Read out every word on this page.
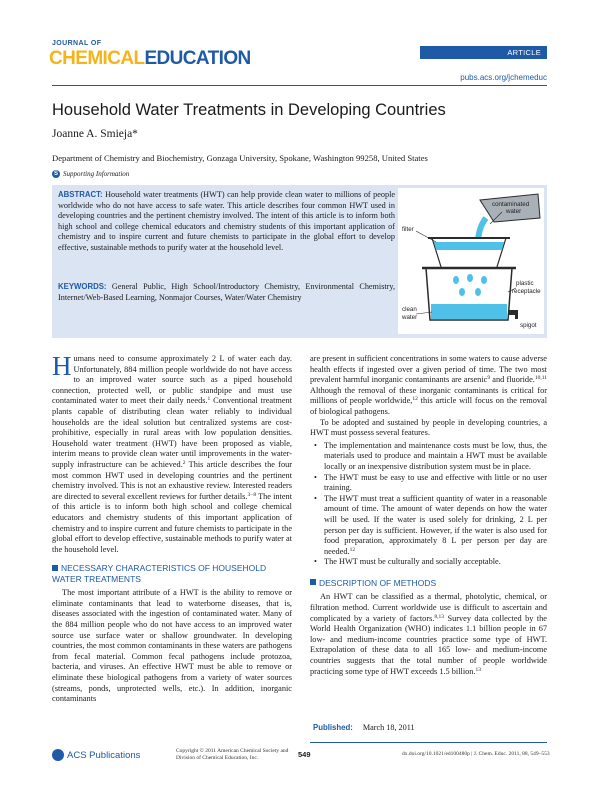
JOURNAL OF
CHEMICALEDUCATION	ARTICLE
pubs.acs.org/jchemeduc
Household Water Treatments in Developing Countries
Joanne A. Smieja*
Department of Chemistry and Biochemistry, Gonzaga University, Spokane, Washington 99258, United States
S Supporting Information
ABSTRACT: Household water treatments (HWT) can help provide clean water to millions of people worldwide who do not have access to safe water. This article describes four common HWT used in developing countries and the pertinent chemistry involved. The intent of this article is to inform both high school and college chemical educators and chemistry students of this important application of chemistry and to inspire current and future chemists to participate in the global effort to develop effective, sustainable methods to purify water at the household level.
KEYWORDS: General Public, High School/Introductory Chemistry, Environmental Chemistry, Internet/Web-Based Learning, Nonmajor Courses, Water/Water Chemistry
contaminated
water
filter
plastic
receptacle
clean
water
spigot

Humans need to consume approximately 2 L of water each day. Unfortunately, 884 million people worldwide do not have access to an improved water source such as a piped household connection, protected well, or public standpipe and must use contaminated water to meet their daily needs.$^1$ Conventional treatment plants capable of distributing clean water reliably to individual households are the ideal solution but centralized systems are cost-prohibitive, especially in rural areas with low population densities. Household water treatment (HWT) have been proposed as viable, interim means to provide clean water until improvements in the water-supply infrastructure can be achieved.$^2$ This article describes the four most common HWT used in developing countries and the pertinent chemistry involved. This is not an exhaustive review. Interested readers are directed to several excellent reviews for further details.$^{3-8}$ The intent of this article is to inform both high school and college chemical educators and chemistry students of this important application of chemistry and to inspire current and future chemists to participate in the global effort to develop effective, sustainable methods to purify water at the household level.

NECESSARY CHARACTERISTICS OF HOUSEHOLD WATER TREATMENTS

The most important attribute of a HWT is the ability to remove or eliminate contaminants that lead to waterborne diseases, that is, diseases associated with the ingestion of contaminated water. Many of the 884 million people who do not have access to an improved water source use surface water or shallow groundwater. In developing countries, the most common contaminants in these waters are pathogens from fecal material. Common fecal pathogens include protozoa, bacteria, and viruses. An effective HWT must be able to remove or eliminate these biological pathogens from a variety of water sources (streams, ponds, unprotected wells, etc.). In addition, inorganic contaminants

are present in sufficient concentrations in some waters to cause adverse health effects if ingested over a given period of time. The two most prevalent harmful inorganic contaminants are arsenic$^9$ and fluoride.$^{10,11}$ Although the removal of these inorganic contaminants is critical for millions of people worldwide,$^{12}$ this article will focus on the removal of biological pathogens.

To be adopted and sustained by people in developing countries, a HWT must possess several features.

• The implementation and maintenance costs must be low, thus, the materials used to produce and maintain a HWT must be available locally or an inexpensive distribution system must be in place.
• The HWT must be easy to use and effective with little or no user training.
• The HWT must treat a sufficient quantity of water in a reasonable amount of time. The amount of water depends on how the water will be used. If the water is used solely for drinking, 2 L per person per day is sufficient. However, if the water is also used for food preparation, approximately 8 L per person per day are needed.$^{12}$
• The HWT must be culturally and socially acceptable.
DESCRIPTION OF METHODS

An HWT can be classified as a thermal, photolytic, chemical, or filtration method. Current worldwide use is difficult to ascertain and complicated by a variety of factors.$^{8,13}$ Survey data collected by the World Health Organization (WHO) indicates 1.1 billion people in 67 low- and medium-income countries practice some type of HWT. Extrapolation of these data to all 165 low- and medium-income countries suggests that the total number of people worldwide practicing some type of HWT exceeds 1.5 billion.$^{13}$

Published: March 18, 2011
ACS Publications	Copyright © 2011 American Chemical Society and
Division of Chemical Education, Inc.	549	dx.doi.org/10.1021/ed100480p | J. Chem. Educ. 2011, 88, 549–553
